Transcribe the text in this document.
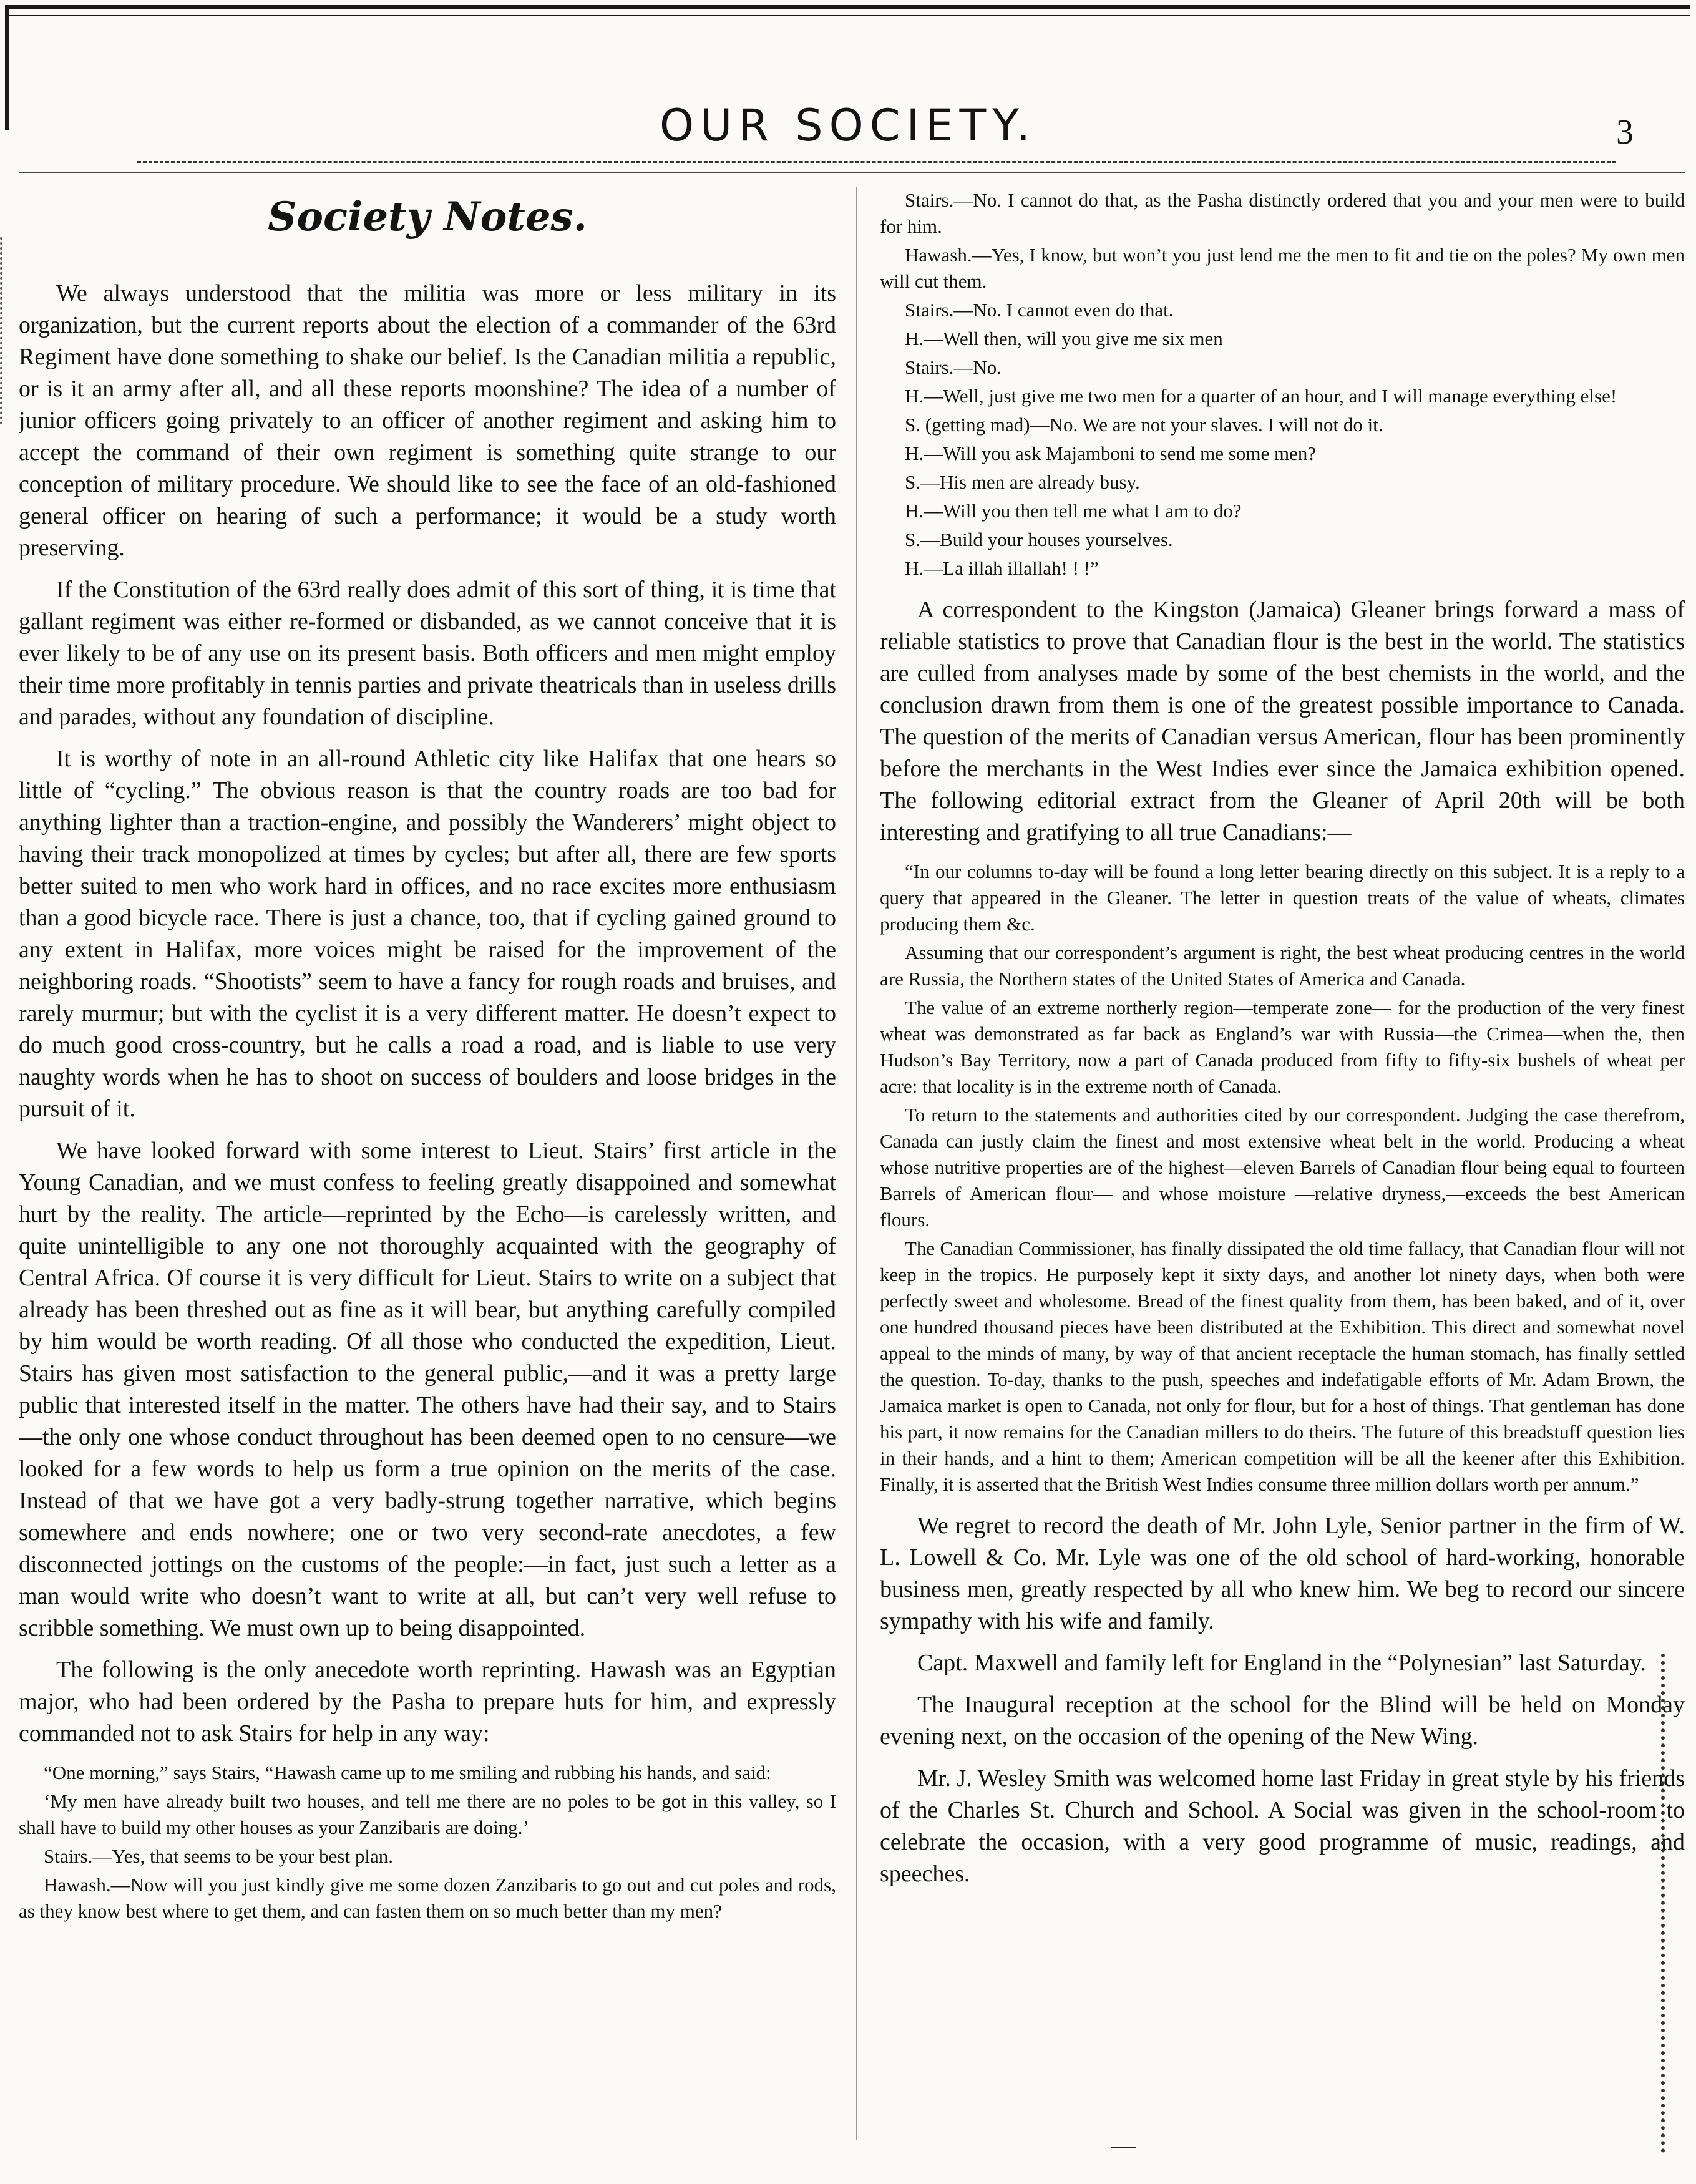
OUR SOCIETY.	3
Society Notes.

We always understood that the militia was more or less military in its organization, but the current reports about the election of a commander of the 63rd Regiment have done something to shake our belief. Is the Canadian militia a republic, or is it an army after all, and all these reports moonshine? The idea of a number of junior officers going privately to an officer of another regiment and asking him to accept the command of their own regiment is something quite strange to our conception of military procedure. We should like to see the face of an old-fashioned general officer on hearing of such a performance; it would be a study worth preserving.

If the Constitution of the 63rd really does admit of this sort of thing, it is time that gallant regiment was either re-formed or disbanded, as we cannot conceive that it is ever likely to be of any use on its present basis. Both officers and men might employ their time more profitably in tennis parties and private theatricals than in useless drills and parades, without any foundation of discipline.

It is worthy of note in an all-round Athletic city like Halifax that one hears so little of “cycling.” The obvious reason is that the country roads are too bad for anything lighter than a traction-engine, and possibly the Wanderers’ might object to having their track monopolized at times by cycles; but after all, there are few sports better suited to men who work hard in offices, and no race excites more enthusiasm than a good bicycle race. There is just a chance, too, that if cycling gained ground to any extent in Halifax, more voices might be raised for the improvement of the neighboring roads. “Shootists” seem to have a fancy for rough roads and bruises, and rarely murmur; but with the cyclist it is a very different matter. He doesn’t expect to do much good cross-country, but he calls a road a road, and is liable to use very naughty words when he has to shoot on success of boulders and loose bridges in the pursuit of it.

We have looked forward with some interest to Lieut. Stairs’ first article in the Young Canadian, and we must confess to feeling greatly disappoined and somewhat hurt by the reality. The article—reprinted by the Echo—is carelessly written, and quite unintelligible to any one not thoroughly acquainted with the geography of Central Africa. Of course it is very difficult for Lieut. Stairs to write on a subject that already has been threshed out as fine as it will bear, but anything carefully compiled by him would be worth reading. Of all those who conducted the expedition, Lieut. Stairs has given most satisfaction to the general public,—and it was a pretty large public that interested itself in the matter. The others have had their say, and to Stairs—the only one whose conduct throughout has been deemed open to no censure—we looked for a few words to help us form a true opinion on the merits of the case. Instead of that we have got a very badly-strung together narrative, which begins somewhere and ends nowhere; one or two very second-rate anecdotes, a few disconnected jottings on the customs of the people:—in fact, just such a letter as a man would write who doesn’t want to write at all, but can’t very well refuse to scribble something. We must own up to being disappointed.

The following is the only anecedote worth reprinting. Hawash was an Egyptian major, who had been ordered by the Pasha to prepare huts for him, and expressly commanded not to ask Stairs for help in any way:

“One morning,” says Stairs, “Hawash came up to me smiling and rubbing his hands, and said:

‘My men have already built two houses, and tell me there are no poles to be got in this valley, so I shall have to build my other houses as your Zanzibaris are doing.’

Stairs.—Yes, that seems to be your best plan.

Hawash.—Now will you just kindly give me some dozen Zanzibaris to go out and cut poles and rods, as they know best where to get them, and can fasten them on so much better than my men?

Stairs.—No. I cannot do that, as the Pasha distinctly ordered that you and your men were to build for him.

Hawash.—Yes, I know, but won’t you just lend me the men to fit and tie on the poles? My own men will cut them.

Stairs.—No. I cannot even do that.

H.—Well then, will you give me six men

Stairs.—No.

H.—Well, just give me two men for a quarter of an hour, and I will manage everything else!

S. (getting mad)—No. We are not your slaves. I will not do it.

H.—Will you ask Majamboni to send me some men?

S.—His men are already busy.

H.—Will you then tell me what I am to do?

S.—Build your houses yourselves.

H.—La illah illallah! ! !”

A correspondent to the Kingston (Jamaica) Gleaner brings forward a mass of reliable statistics to prove that Canadian flour is the best in the world. The statistics are culled from analyses made by some of the best chemists in the world, and the conclusion drawn from them is one of the greatest possible importance to Canada. The question of the merits of Canadian versus American, flour has been prominently before the merchants in the West Indies ever since the Jamaica exhibition opened. The following editorial extract from the Gleaner of April 20th will be both interesting and gratifying to all true Canadians:—

“In our columns to-day will be found a long letter bearing directly on this subject. It is a reply to a query that appeared in the Gleaner. The letter in question treats of the value of wheats, climates producing them &c.

Assuming that our correspondent’s argument is right, the best wheat producing centres in the world are Russia, the Northern states of the United States of America and Canada.

The value of an extreme northerly region—temperate zone— for the production of the very finest wheat was demonstrated as far back as England’s war with Russia—the Crimea—when the, then Hudson’s Bay Territory, now a part of Canada produced from fifty to fifty-six bushels of wheat per acre: that locality is in the extreme north of Canada.

To return to the statements and authorities cited by our correspondent. Judging the case therefrom, Canada can justly claim the finest and most extensive wheat belt in the world. Producing a wheat whose nutritive properties are of the highest—eleven Barrels of Canadian flour being equal to fourteen Barrels of American flour— and whose moisture —relative dryness,—exceeds the best American flours.

The Canadian Commissioner, has finally dissipated the old time fallacy, that Canadian flour will not keep in the tropics. He purposely kept it sixty days, and another lot ninety days, when both were perfectly sweet and wholesome. Bread of the finest quality from them, has been baked, and of it, over one hundred thousand pieces have been distributed at the Exhibition. This direct and somewhat novel appeal to the minds of many, by way of that ancient receptacle the human stomach, has finally settled the question. To-day, thanks to the push, speeches and indefatigable efforts of Mr. Adam Brown, the Jamaica market is open to Canada, not only for flour, but for a host of things. That gentleman has done his part, it now remains for the Canadian millers to do theirs. The future of this breadstuff question lies in their hands, and a hint to them; American competition will be all the keener after this Exhibition. Finally, it is asserted that the British West Indies consume three million dollars worth per annum.”

We regret to record the death of Mr. John Lyle, Senior partner in the firm of W. L. Lowell & Co. Mr. Lyle was one of the old school of hard-working, honorable business men, greatly respected by all who knew him. We beg to record our sincere sympathy with his wife and family.

Capt. Maxwell and family left for England in the “Polynesian” last Saturday.

The Inaugural reception at the school for the Blind will be held on Monday evening next, on the occasion of the opening of the New Wing.

Mr. J. Wesley Smith was welcomed home last Friday in great style by his friends of the Charles St. Church and School. A Social was given in the school-room to celebrate the occasion, with a very good programme of music, readings, and speeches.
